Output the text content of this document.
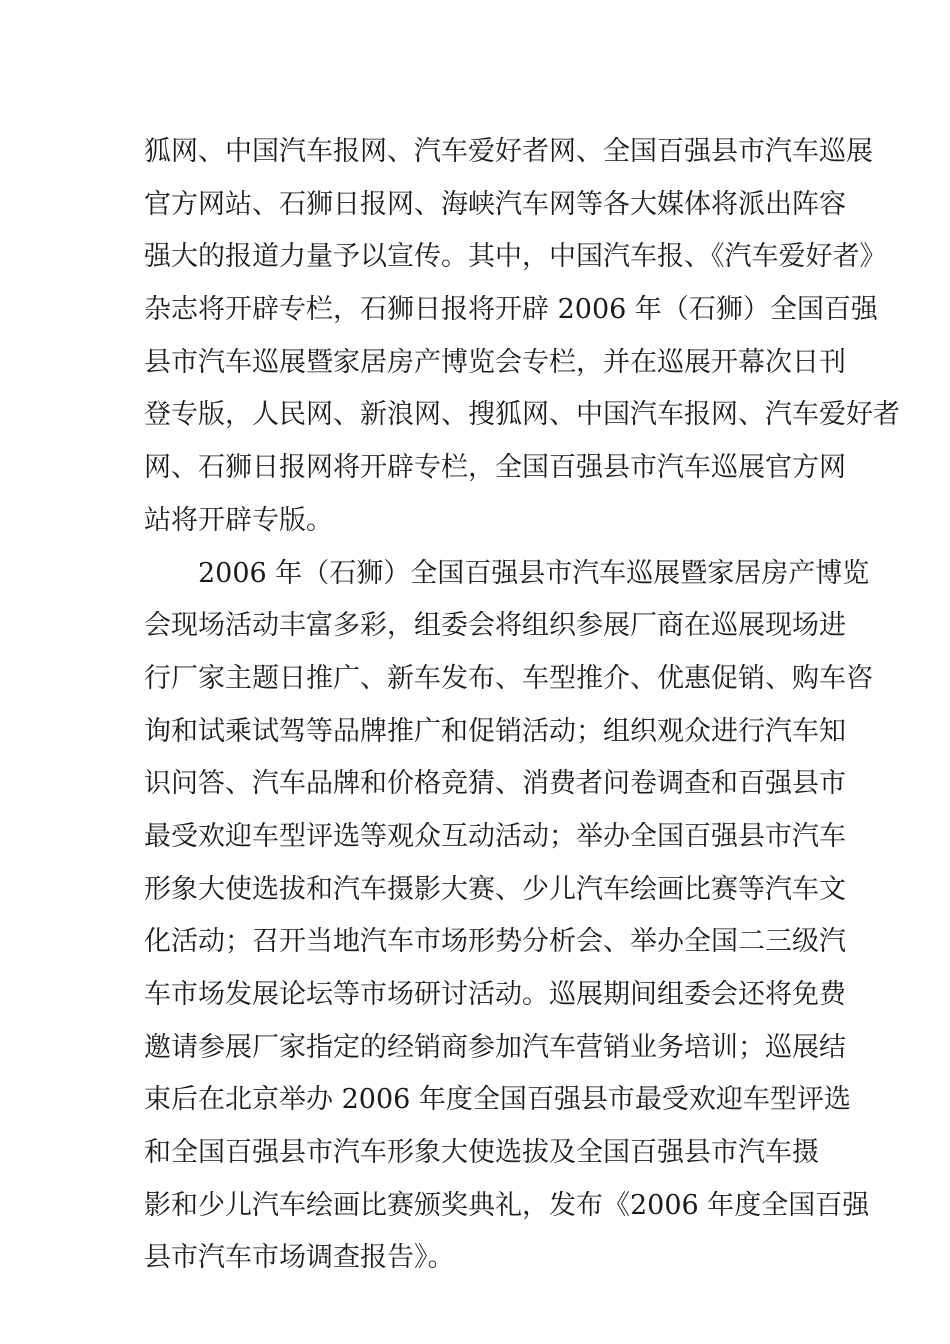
狐网、中国汽车报网、汽车爱好者网、全国百强县市汽车巡展
官方网站、石狮日报网、海峡汽车网等各大媒体将派出阵容
强大的报道力量予以宣传。其中，中国汽车报、《汽车爱好者》
杂志将开辟专栏，石狮日报将开辟 2006 年（石狮）全国百强
县市汽车巡展暨家居房产博览会专栏，并在巡展开幕次日刊
登专版，人民网、新浪网、搜狐网、中国汽车报网、汽车爱好者
网、石狮日报网将开辟专栏，全国百强县市汽车巡展官方网
站将开辟专版。
　　2006 年（石狮）全国百强县市汽车巡展暨家居房产博览
会现场活动丰富多彩，组委会将组织参展厂商在巡展现场进
行厂家主题日推广、新车发布、车型推介、优惠促销、购车咨
询和试乘试驾等品牌推广和促销活动；组织观众进行汽车知
识问答、汽车品牌和价格竞猜、消费者问卷调查和百强县市
最受欢迎车型评选等观众互动活动；举办全国百强县市汽车
形象大使选拔和汽车摄影大赛、少儿汽车绘画比赛等汽车文
化活动；召开当地汽车市场形势分析会、举办全国二三级汽
车市场发展论坛等市场研讨活动。巡展期间组委会还将免费
邀请参展厂家指定的经销商参加汽车营销业务培训；巡展结
束后在北京举办 2006 年度全国百强县市最受欢迎车型评选
和全国百强县市汽车形象大使选拔及全国百强县市汽车摄
影和少儿汽车绘画比赛颁奖典礼，发布《2006 年度全国百强
县市汽车市场调查报告》。
